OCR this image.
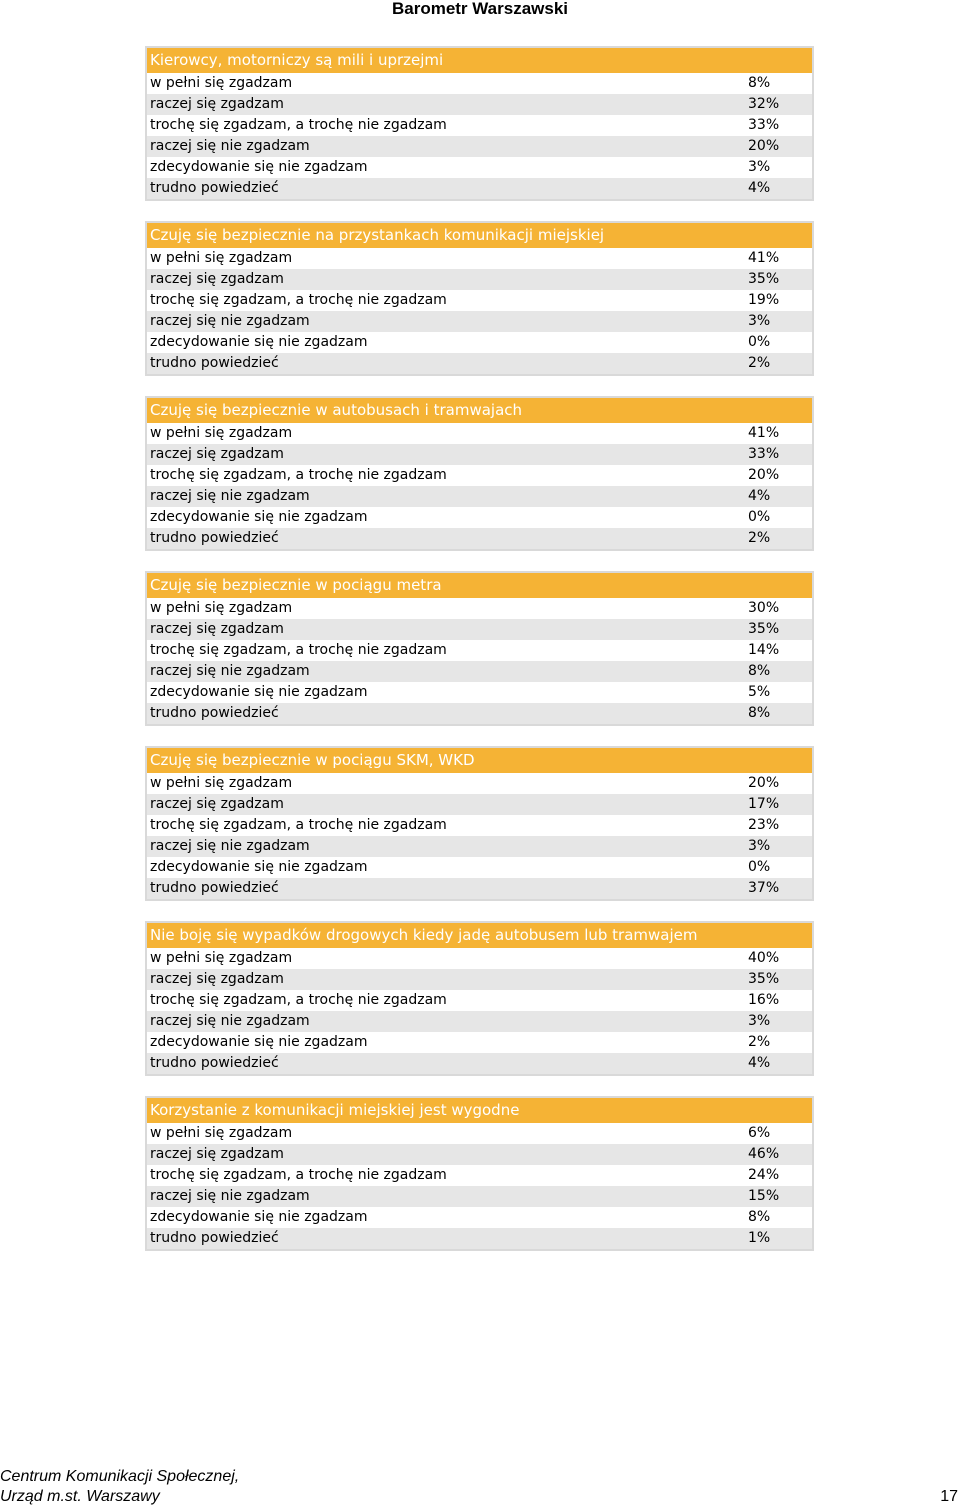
Barometr Warszawski
Kierowcy, motorniczy są mili i uprzejmi
w pełni się zgadzam	8%
raczej się zgadzam	32%
trochę się zgadzam, a trochę nie zgadzam	33%
raczej się nie zgadzam	20%
zdecydowanie się nie zgadzam	3%
trudno powiedzieć	4%
Czuję się bezpiecznie na przystankach komunikacji miejskiej
w pełni się zgadzam	41%
raczej się zgadzam	35%
trochę się zgadzam, a trochę nie zgadzam	19%
raczej się nie zgadzam	3%
zdecydowanie się nie zgadzam	0%
trudno powiedzieć	2%
Czuję się bezpiecznie w autobusach i tramwajach
w pełni się zgadzam	41%
raczej się zgadzam	33%
trochę się zgadzam, a trochę nie zgadzam	20%
raczej się nie zgadzam	4%
zdecydowanie się nie zgadzam	0%
trudno powiedzieć	2%
Czuję się bezpiecznie w pociągu metra
w pełni się zgadzam	30%
raczej się zgadzam	35%
trochę się zgadzam, a trochę nie zgadzam	14%
raczej się nie zgadzam	8%
zdecydowanie się nie zgadzam	5%
trudno powiedzieć	8%
Czuję się bezpiecznie w pociągu SKM, WKD
w pełni się zgadzam	20%
raczej się zgadzam	17%
trochę się zgadzam, a trochę nie zgadzam	23%
raczej się nie zgadzam	3%
zdecydowanie się nie zgadzam	0%
trudno powiedzieć	37%
Nie boję się wypadków drogowych kiedy jadę autobusem lub tramwajem
w pełni się zgadzam	40%
raczej się zgadzam	35%
trochę się zgadzam, a trochę nie zgadzam	16%
raczej się nie zgadzam	3%
zdecydowanie się nie zgadzam	2%
trudno powiedzieć	4%
Korzystanie z komunikacji miejskiej jest wygodne
w pełni się zgadzam	6%
raczej się zgadzam	46%
trochę się zgadzam, a trochę nie zgadzam	24%
raczej się nie zgadzam	15%
zdecydowanie się nie zgadzam	8%
trudno powiedzieć	1%
Centrum Komunikacji Społecznej,
Urząd m.st. Warszawy	17
